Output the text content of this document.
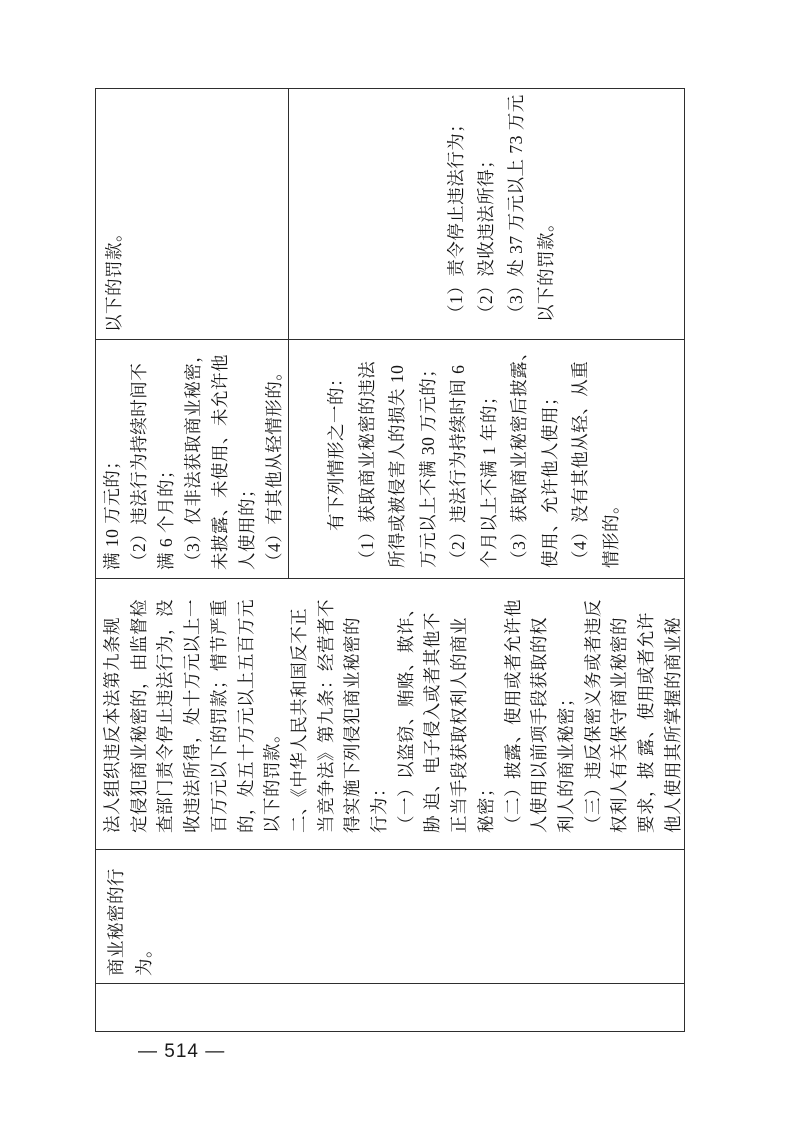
以下的罚款。	（1）责令停止违法行为； （2）没收违法所得； （3）处 37 万元以上 73 万元 以下的罚款。
满 10 万元的； （2）违法行为持续时间不 满 6 个月的； （3）仅非法获取商业秘密， 未披露、未使用、未允许他 人使用的； （4）有其他从轻情形的。 有下列情形之一的： （1）获取商业秘密的违法 所得或被侵害人的损失 10 万元以上不满 30 万元的； （2）违法行为持续时间 6 个月以上不满 1 年的； （3）获取商业秘密后披露、 使用、允许他人使用； （4）没有其他从轻、从重 情形的。
法人组织违反本法第九条规 定侵犯商业秘密的，由监督检 查部门责令停止违法行为，没 收违法所得，处十万元以上一 百万元以下的罚款；情节严重 的，处五十万元以上五百万元 以下的罚款。 二、《中华人民共和国反不正 当竞争法》第九条：经营者不 得实施下列侵犯商业秘密的 行为： （一）以盗窃、贿赂、欺诈、 胁 迫、电子侵入或者其他不 正当手段获取权利人的商业 秘密； （二）披露、使用或者允许他 人使用以前项手段获取的权 利人的商业秘密； （三）违反保密义务或者违反 权利人有关保守商业秘密的 要求，披 露、使用或者允许 他人使用其所掌握的商业秘
商业秘密的行 为。
— 514 —
